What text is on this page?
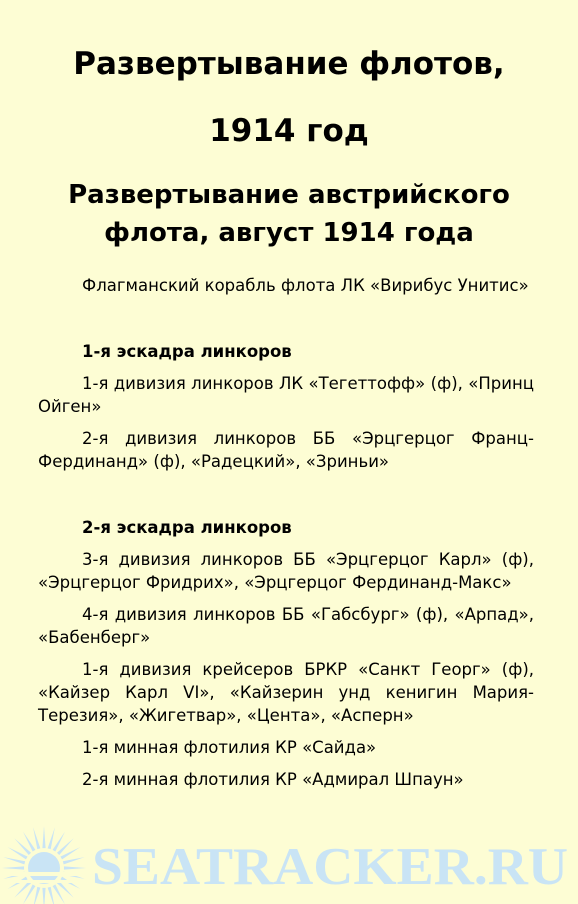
Развертывание флотов,
1914 год
Развертывание австрийского
флота, август 1914 года

Флагманский корабль флота ЛК «Вирибус Унитис»

1-я эскадра линкоров

1-я дивизия линкоров ЛК «Тегеттофф» (ф), «Принц Ойген»

2-я дивизия линкоров ББ «Эрцгерцог Франц-Фердинанд» (ф), «Радецкий», «Зриньи»

2-я эскадра линкоров

3-я дивизия линкоров ББ «Эрцгерцог Карл» (ф), «Эрцгерцог Фридрих», «Эрцгерцог Фердинанд-Макс»

4-я дивизия линкоров ББ «Габсбург» (ф), «Арпад», «Бабенберг»

1-я дивизия крейсеров БРКР «Санкт Георг» (ф), «Кайзер Карл VI», «Кайзерин унд кенигин Мария-Терезия», «Жигетвар», «Цента», «Асперн»

1-я минная флотилия КР «Сайда»

2-я минная флотилия КР «Адмирал Шпаун»

SEATRACKER.RU
